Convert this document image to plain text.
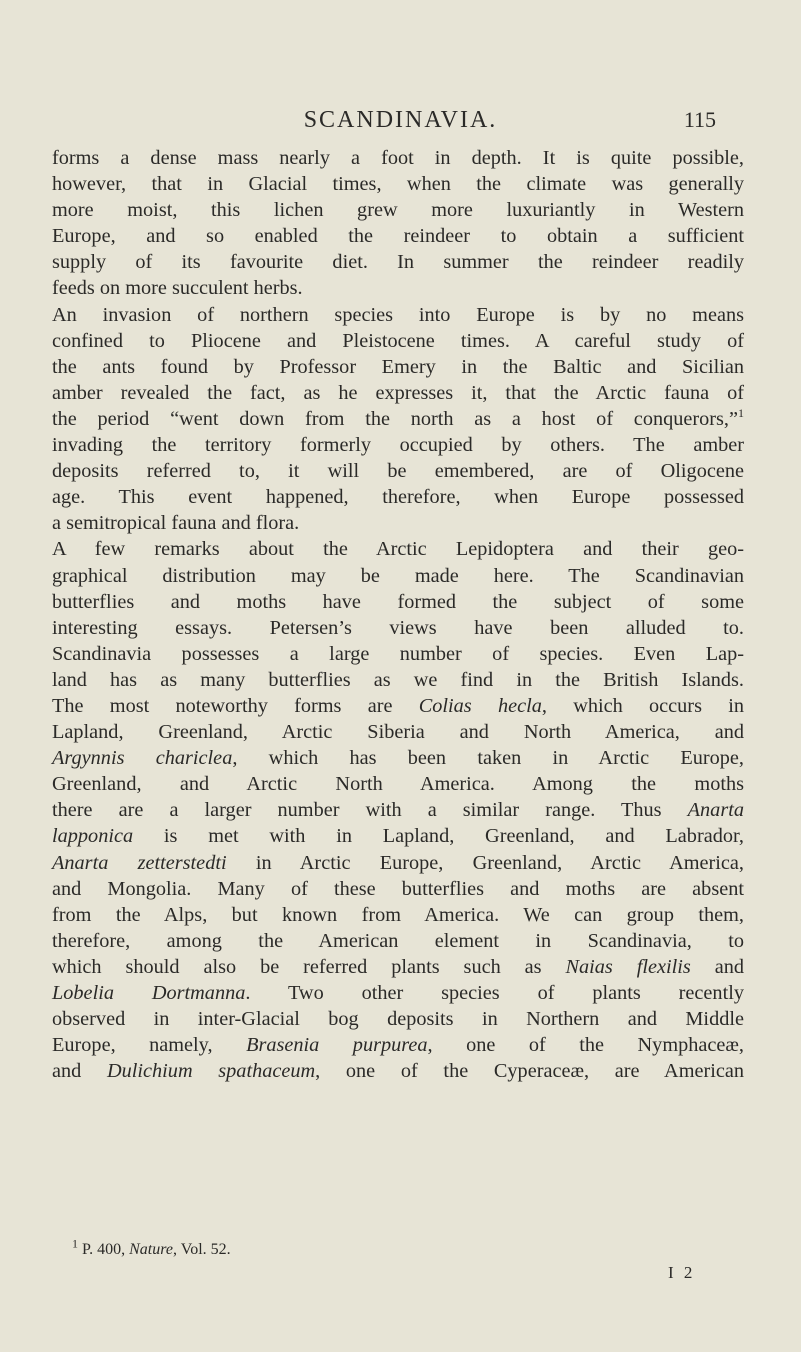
SCANDINAVIA.	115

forms a dense mass nearly a foot in depth. It is quite possible,
however, that in Glacial times, when the climate was generally
more moist, this lichen grew more luxuriantly in Western
Europe, and so enabled the reindeer to obtain a sufficient
supply of its favourite diet. In summer the reindeer readily
feeds on more succulent herbs.

An invasion of northern species into Europe is by no means
confined to Pliocene and Pleistocene times. A careful study of
the ants found by Professor Emery in the Baltic and Sicilian
amber revealed the fact, as he expresses it, that the Arctic fauna of
the period “went down from the north as a host of conquerors,”$^1$
invading the territory formerly occupied by others. The amber
deposits referred to, it will be emembered, are of Oligocene
age. This event happened, therefore, when Europe possessed
a semitropical fauna and flora.

A few remarks about the Arctic Lepidoptera and their geo-
graphical distribution may be made here. The Scandinavian
butterflies and moths have formed the subject of some
interesting essays. Petersen’s views have been alluded to.
Scandinavia possesses a large number of species. Even Lap-
land has as many butterflies as we find in the British Islands.
The most noteworthy forms are Colias hecla, which occurs in
Lapland, Greenland, Arctic Siberia and North America, and
Argynnis chariclea, which has been taken in Arctic Europe,
Greenland, and Arctic North America. Among the moths
there are a larger number with a similar range. Thus Anarta
lapponica is met with in Lapland, Greenland, and Labrador,
Anarta zetterstedti in Arctic Europe, Greenland, Arctic America,
and Mongolia. Many of these butterflies and moths are absent
from the Alps, but known from America. We can group them,
therefore, among the American element in Scandinavia, to
which should also be referred plants such as Naias flexilis and
Lobelia Dortmanna. Two other species of plants recently
observed in inter-Glacial bog deposits in Northern and Middle
Europe, namely, Brasenia purpurea, one of the Nymphaceæ,
and Dulichium spathaceum, one of the Cyperaceæ, are American

$^1$ P. 400, Nature, Vol. 52.
I 2
